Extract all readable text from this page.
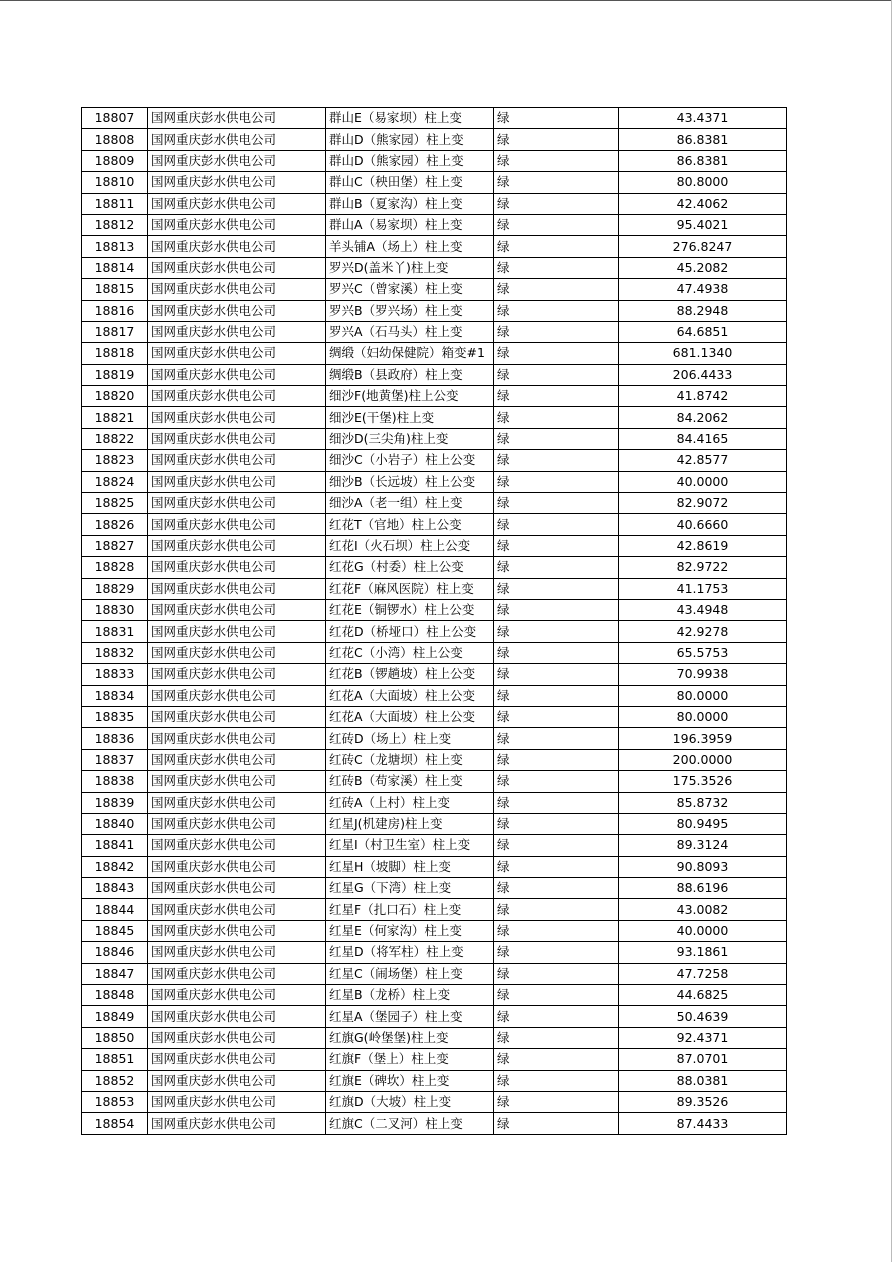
18807	国网重庆彭水供电公司	群山E（易家坝）柱上变	绿	43.4371
18808	国网重庆彭水供电公司	群山D（熊家园）柱上变	绿	86.8381
18809	国网重庆彭水供电公司	群山D（熊家园）柱上变	绿	86.8381
18810	国网重庆彭水供电公司	群山C（秧田堡）柱上变	绿	80.8000
18811	国网重庆彭水供电公司	群山B（夏家沟）柱上变	绿	42.4062
18812	国网重庆彭水供电公司	群山A（易家坝）柱上变	绿	95.4021
18813	国网重庆彭水供电公司	羊头铺A（场上）柱上变	绿	276.8247
18814	国网重庆彭水供电公司	罗兴D(盖米丫)柱上变	绿	45.2082
18815	国网重庆彭水供电公司	罗兴C（曾家溪）柱上变	绿	47.4938
18816	国网重庆彭水供电公司	罗兴B（罗兴场）柱上变	绿	88.2948
18817	国网重庆彭水供电公司	罗兴A（石马头）柱上变	绿	64.6851
18818	国网重庆彭水供电公司	绸缎（妇幼保健院）箱变#1	绿	681.1340
18819	国网重庆彭水供电公司	绸缎B（县政府）柱上变	绿	206.4433
18820	国网重庆彭水供电公司	细沙F(地黄堡)柱上公变	绿	41.8742
18821	国网重庆彭水供电公司	细沙E(干堡)柱上变	绿	84.2062
18822	国网重庆彭水供电公司	细沙D(三尖角)柱上变	绿	84.4165
18823	国网重庆彭水供电公司	细沙C（小岩子）柱上公变	绿	42.8577
18824	国网重庆彭水供电公司	细沙B（长远坡）柱上公变	绿	40.0000
18825	国网重庆彭水供电公司	细沙A（老一组）柱上变	绿	82.9072
18826	国网重庆彭水供电公司	红花T（官地）柱上公变	绿	40.6660
18827	国网重庆彭水供电公司	红花I（火石坝）柱上公变	绿	42.8619
18828	国网重庆彭水供电公司	红花G（村委）柱上公变	绿	82.9722
18829	国网重庆彭水供电公司	红花F（麻风医院）柱上变	绿	41.1753
18830	国网重庆彭水供电公司	红花E（铜锣水）柱上公变	绿	43.4948
18831	国网重庆彭水供电公司	红花D（桥垭口）柱上公变	绿	42.9278
18832	国网重庆彭水供电公司	红花C（小湾）柱上公变	绿	65.5753
18833	国网重庆彭水供电公司	红花B（锣趟坡）柱上公变	绿	70.9938
18834	国网重庆彭水供电公司	红花A（大面坡）柱上公变	绿	80.0000
18835	国网重庆彭水供电公司	红花A（大面坡）柱上公变	绿	80.0000
18836	国网重庆彭水供电公司	红砖D（场上）柱上变	绿	196.3959
18837	国网重庆彭水供电公司	红砖C（龙塘坝）柱上变	绿	200.0000
18838	国网重庆彭水供电公司	红砖B（苟家溪）柱上变	绿	175.3526
18839	国网重庆彭水供电公司	红砖A（上村）柱上变	绿	85.8732
18840	国网重庆彭水供电公司	红星J(机建房)柱上变	绿	80.9495
18841	国网重庆彭水供电公司	红星I（村卫生室）柱上变	绿	89.3124
18842	国网重庆彭水供电公司	红星H（坡脚）柱上变	绿	90.8093
18843	国网重庆彭水供电公司	红星G（下湾）柱上变	绿	88.6196
18844	国网重庆彭水供电公司	红星F（扎口石）柱上变	绿	43.0082
18845	国网重庆彭水供电公司	红星E（何家沟）柱上变	绿	40.0000
18846	国网重庆彭水供电公司	红星D（将军柱）柱上变	绿	93.1861
18847	国网重庆彭水供电公司	红星C（闹场堡）柱上变	绿	47.7258
18848	国网重庆彭水供电公司	红星B（龙桥）柱上变	绿	44.6825
18849	国网重庆彭水供电公司	红星A（堡园子）柱上变	绿	50.4639
18850	国网重庆彭水供电公司	红旗G(岭堡堡)柱上变	绿	92.4371
18851	国网重庆彭水供电公司	红旗F（堡上）柱上变	绿	87.0701
18852	国网重庆彭水供电公司	红旗E（碑坎）柱上变	绿	88.0381
18853	国网重庆彭水供电公司	红旗D（大坡）柱上变	绿	89.3526
18854	国网重庆彭水供电公司	红旗C（二叉河）柱上变	绿	87.4433
